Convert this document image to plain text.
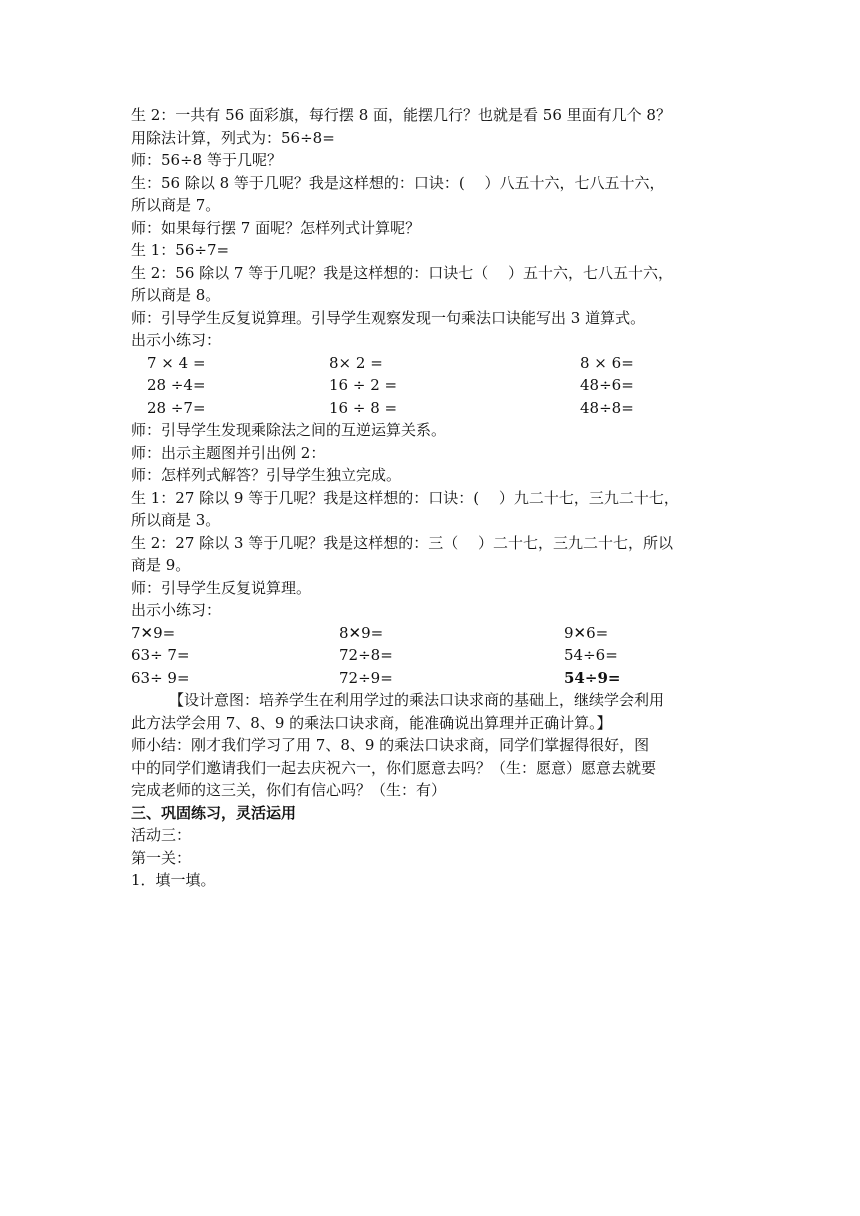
生 2：一共有 56 面彩旗，每行摆 8 面，能摆几行？也就是看 56 里面有几个 8？
用除法计算，列式为：56÷8=
师：56÷8 等于几呢？
生：56 除以 8 等于几呢？我是这样想的：口诀：(　 ）八五十六，七八五十六，
所以商是 7。
师：如果每行摆 7 面呢？怎样列式计算呢？
生 1：56÷7=
生 2：56 除以 7 等于几呢？我是这样想的：口诀七（　 ）五十六，七八五十六，
所以商是 8。
师：引导学生反复说算理。引导学生观察发现一句乘法口诀能写出 3 道算式。
出示小练习：
7 × 4 =	8× 2 =	8 × 6=
28 ÷4=	16 ÷ 2 =	48÷6=
28 ÷7=	16 ÷ 8 =	48÷8=
师：引导学生发现乘除法之间的互逆运算关系。
师：出示主题图并引出例 2：
师：怎样列式解答？引导学生独立完成。
生 1：27 除以 9 等于几呢？我是这样想的：口诀：(　 ）九二十七，三九二十七，
所以商是 3。
生 2：27 除以 3 等于几呢？我是这样想的：三（　 ）二十七，三九二十七，所以
商是 9。
师：引导学生反复说算理。
出示小练习：
7✕9=	8✕9=	9✕6=
63÷ 7=	72÷8=	54÷6=
63÷ 9=	72÷9=	54÷9=
【设计意图：培养学生在利用学过的乘法口诀求商的基础上，继续学会利用
此方法学会用 7、8、9 的乘法口诀求商，能准确说出算理并正确计算。】
师小结：刚才我们学习了用 7、8、9 的乘法口诀求商，同学们掌握得很好，图
中的同学们邀请我们一起去庆祝六一，你们愿意去吗？（生：愿意）愿意去就要
完成老师的这三关，你们有信心吗？（生：有）
三、巩固练习，灵活运用
活动三：
第一关：
1．填一填。
